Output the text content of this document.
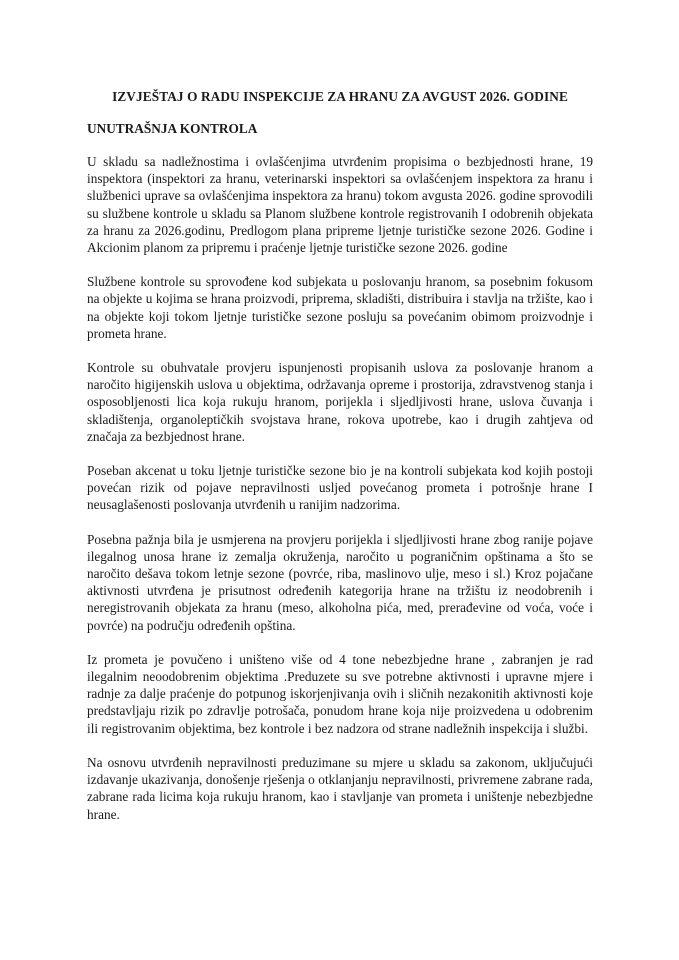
IZVJEŠTAJ O RADU INSPEKCIJE ZA HRANU ZA AVGUST 2026. GODINE
UNUTRAŠNJA KONTROLA

U skladu sa nadležnostima i ovlašćenjima utvrđenim propisima o bezbjednosti hrane, 19 inspektora (inspektori za hranu, veterinarski inspektori sa ovlašćenjem inspektora za hranu i službenici uprave sa ovlašćenjima inspektora za hranu) tokom avgusta 2026. godine sprovodili su službene kontrole u skladu sa Planom službene kontrole registrovanih I odobrenih objekata za hranu za 2026.godinu, Predlogom plana pripreme ljetnje turističke sezone 2026. Godine i Akcionim planom za pripremu i praćenje ljetnje turističke sezone 2026. godine

Službene kontrole su sprovođene kod subjekata u poslovanju hranom, sa posebnim fokusom na objekte u kojima se hrana proizvodi, priprema, skladišti, distribuira i stavlja na tržište, kao i na objekte koji tokom ljetnje turističke sezone posluju sa povećanim obimom proizvodnje i prometa hrane.

Kontrole su obuhvatale provjeru ispunjenosti propisanih uslova za poslovanje hranom a naročito higijenskih uslova u objektima, održavanja opreme i prostorija, zdravstvenog stanja i osposobljenosti lica koja rukuju hranom, porijekla i sljedljivosti hrane, uslova čuvanja i skladištenja, organoleptičkih svojstava hrane, rokova upotrebe, kao i drugih zahtjeva od značaja za bezbjednost hrane.

Poseban akcenat u toku ljetnje turističke sezone bio je na kontroli subjekata kod kojih postoji povećan rizik od pojave nepravilnosti usljed povećanog prometa i potrošnje hrane I neusaglašenosti poslovanja utvrđenih u ranijim nadzorima.

Posebna pažnja bila je usmjerena na provjeru porijekla i sljedljivosti hrane zbog ranije pojave ilegalnog unosa hrane iz zemalja okruženja, naročito u pograničnim opštinama a što se naročito dešava tokom letnje sezone (povrće, riba, maslinovo ulje, meso i sl.) Kroz pojačane aktivnosti utvrđena je prisutnost određenih kategorija hrane na tržištu iz neodobrenih i neregistrovanih objekata za hranu (meso, alkoholna pića, med, prerađevine od voća, voće i povrće) na području određenih opština.

Iz prometa je povučeno i uništeno više od 4 tone nebezbjedne hrane , zabranjen je rad ilegalnim neoodobrenim objektima .Preduzete su sve potrebne aktivnosti i upravne mjere i radnje za dalje praćenje do potpunog iskorjenjivanja ovih i sličnih nezakonitih aktivnosti koje predstavljaju rizik po zdravlje potrošača, ponudom hrane koja nije proizvedena u odobrenim ili registrovanim objektima, bez kontrole i bez nadzora od strane nadležnih inspekcija i službi.

Na osnovu utvrđenih nepravilnosti preduzimane su mjere u skladu sa zakonom, uključujući izdavanje ukazivanja, donošenje rješenja o otklanjanju nepravilnosti, privremene zabrane rada, zabrane rada licima koja rukuju hranom, kao i stavljanje van prometa i uništenje nebezbjedne hrane.
